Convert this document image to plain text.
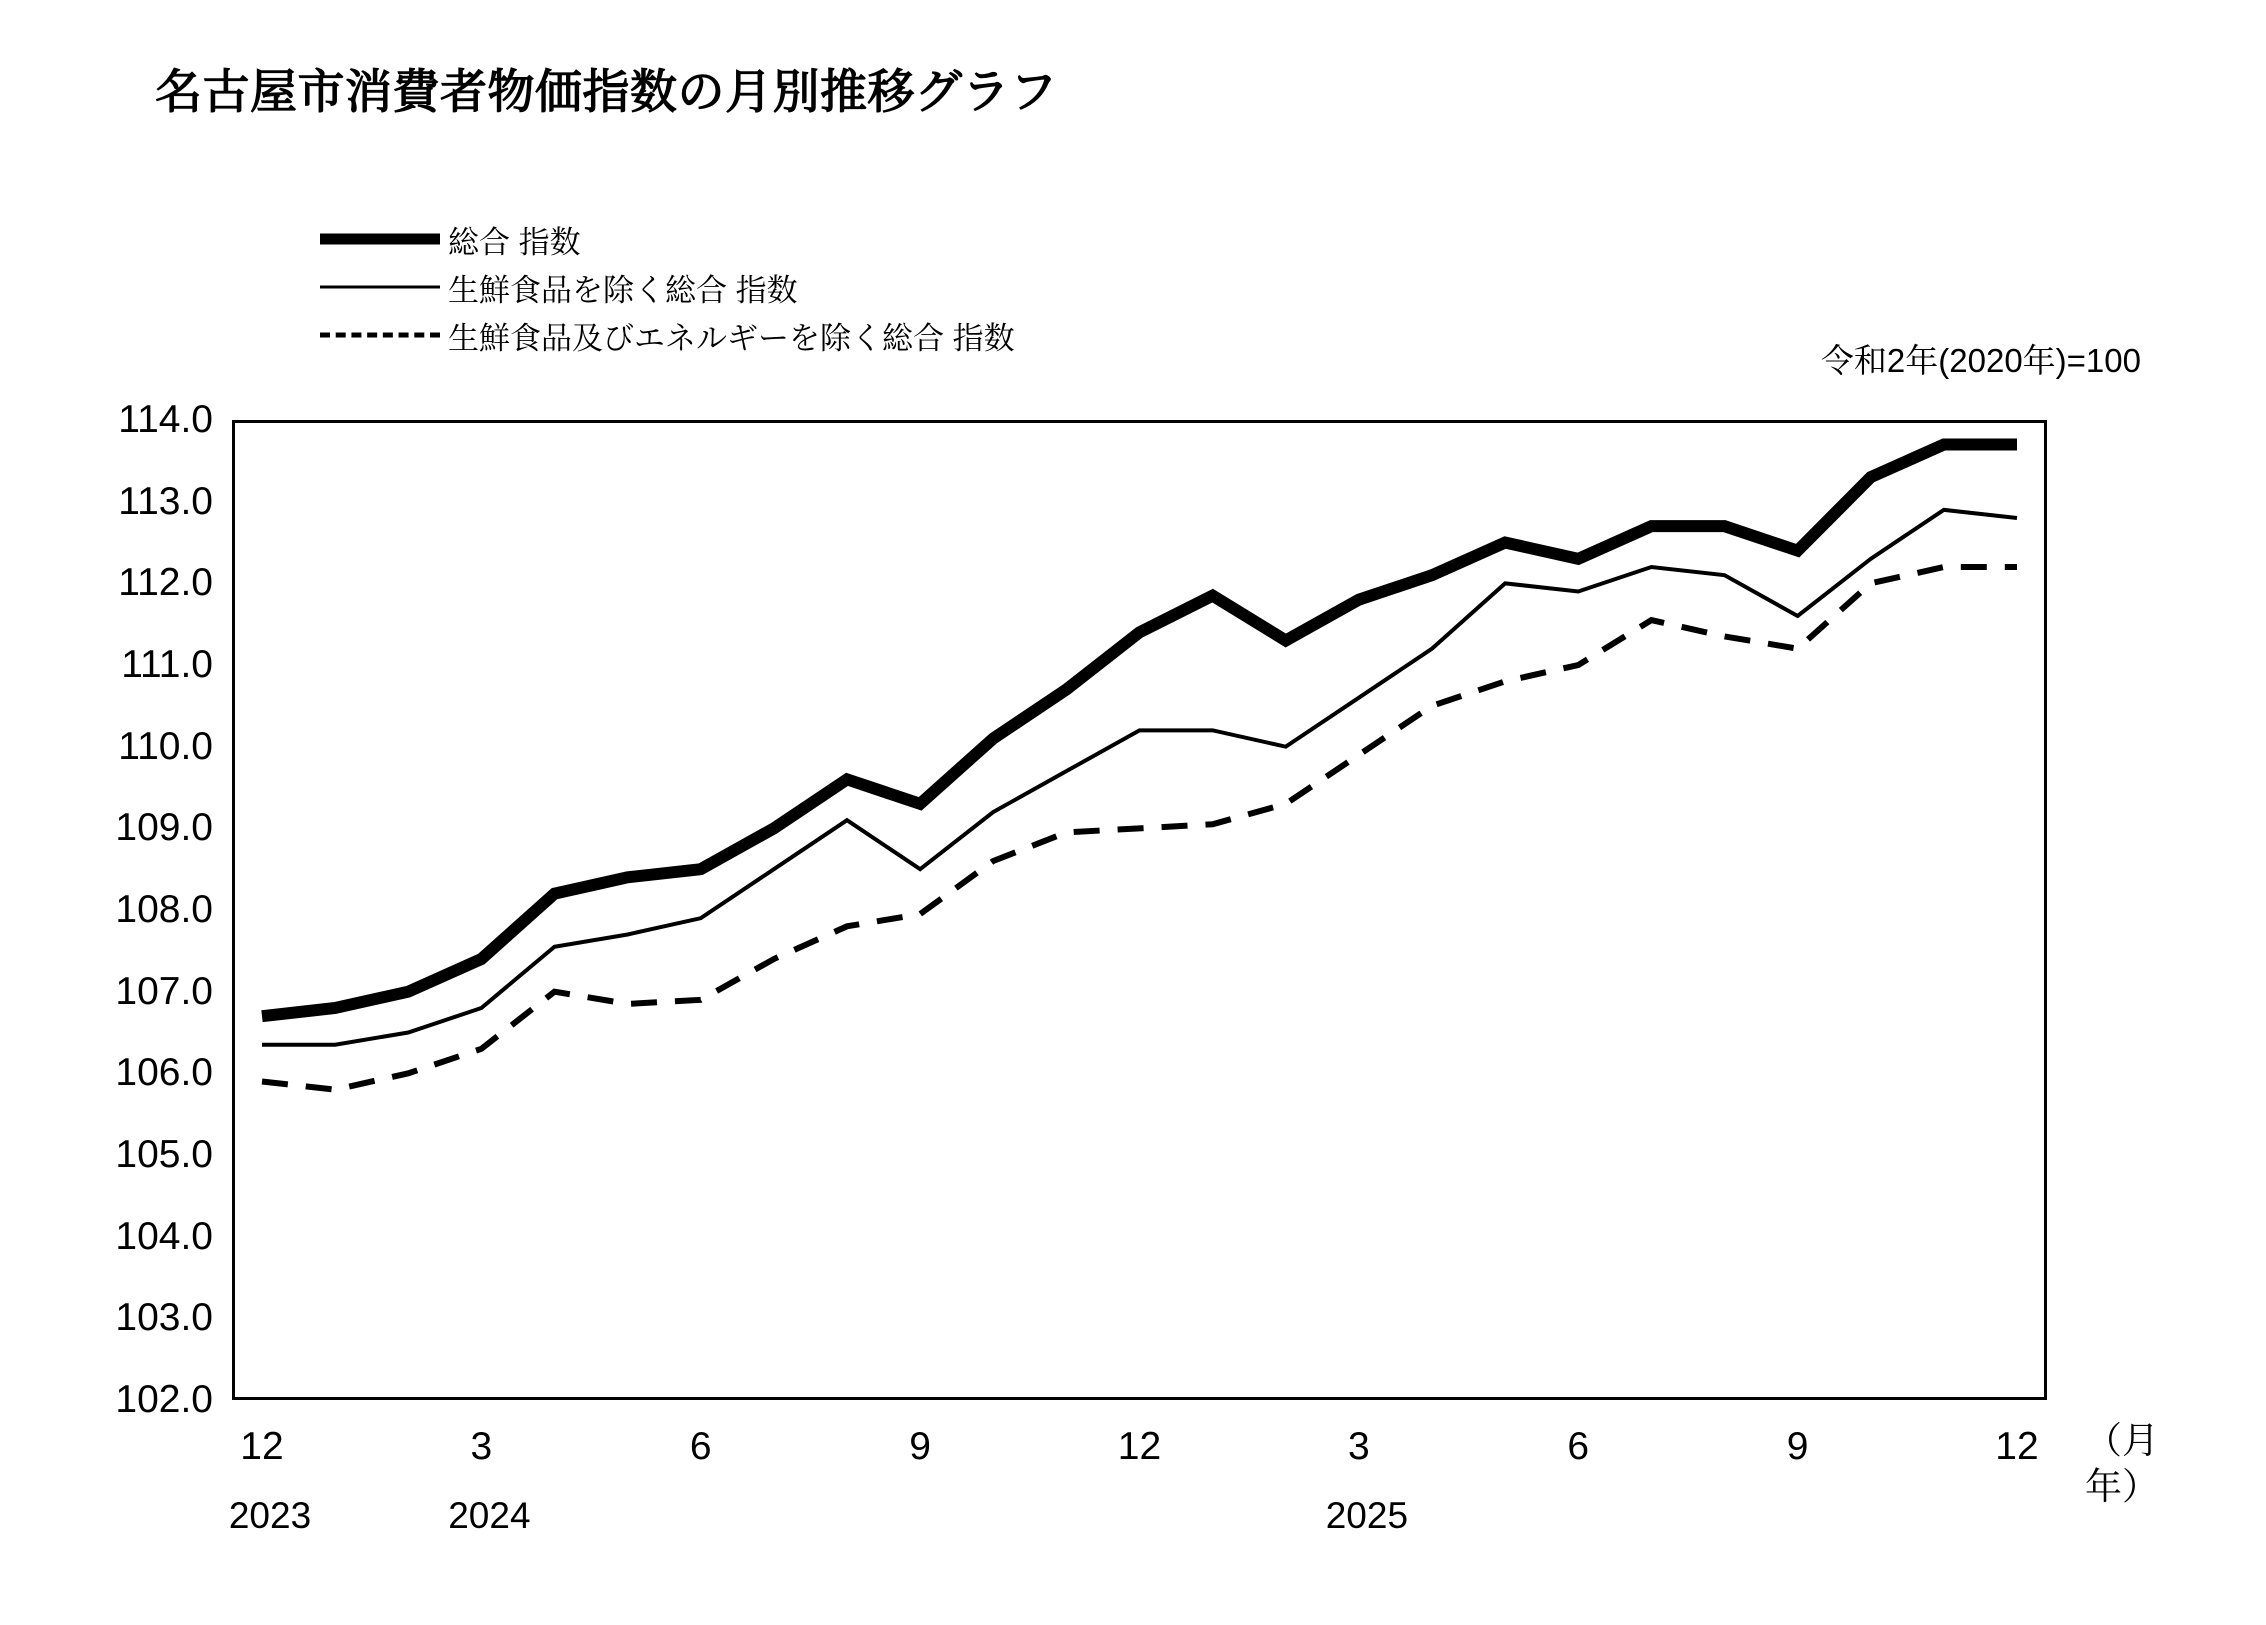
名古屋市消費者物価指数の月別推移グラフ
総合 指数
生鮮食品を除く総合 指数
生鮮食品及びエネルギーを除く総合 指数
令和2年(2020年)=100
114.0
113.0
112.0
111.0
110.0
109.0
108.0
107.0
106.0
105.0
104.0
103.0
102.0
12	3	6	9	12	3	6	9	12
2023	2024	2025
（月
年）
